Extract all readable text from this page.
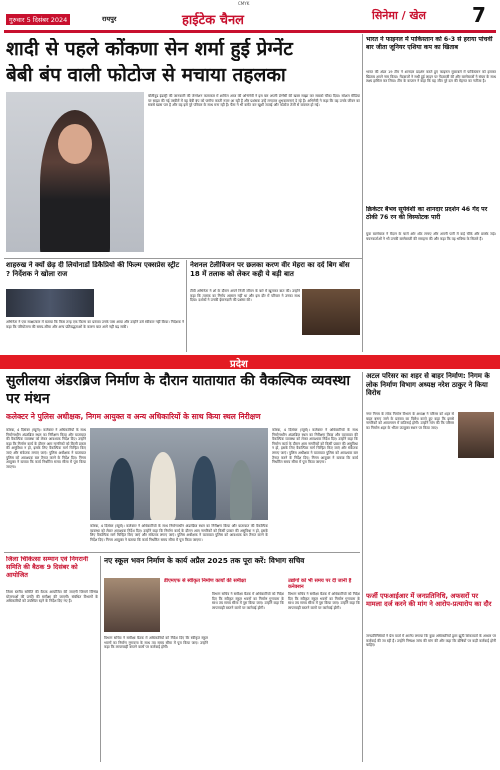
CMYK
गुरुवार 5 दिसंबर 2024	रायपुर	हाईटेक चैनल	सिनेमा / खेल 7
शादी से पहले कोंकणा सेन शर्मा हुई प्रेग्नेंट
बेबी बंप वाली फोटोज से मचाया तहलका
बॉलीवुड इंडस्ट्री की जानकारी की जेनरेशन कलाकार में शामिल आज की अभिनेत्री ने इस बार अपनी प्रेग्नेंसी की खबर साझा कर सबको चौंका दिया। सोशल मीडिया पर साझा की गई तस्वीरों में वह बेबी बंप को फ्लॉन्ट करती नजर आ रही हैं और प्रशंसक उन्हें लगातार शुभकामनाएं दे रहे हैं। अभिनेत्री ने कहा कि यह उनके जीवन का सबसे खास पल है और वह इसे पूरे परिवार के साथ मना रही हैं। फैंस ने भी कमेंट कर खुशी जताई और फोटोज तेजी से वायरल हो गईं।
भारत ने फाइनल में पाकिस्तान को 6-3 से हराया पांचवीं बार जीता जूनियर एशिया कप का खिताब
भारत की अंडर 19 टीम ने शानदार प्रदर्शन करते हुए फाइनल मुकाबले में पाकिस्तान को हराकर खिताब अपने नाम किया। गेंदबाजों ने सधी हुई लाइन पर गेंदबाजी की और बल्लेबाजों ने संयम के साथ लक्ष्य हासिल कर लिया। टीम के कप्तान ने कहा कि यह जीत पूरे दल की मेहनत का नतीजा है।
क्रिकेटर बैभव सूर्यवंशी का शानदार प्रदर्शन 46 गेंद पर ठोकी 76 रन की विस्फोटक पारी
युवा बल्लेबाज ने मैदान के चारों ओर शॉट लगाए और अपनी पारी में कई चौके और छक्के जड़े। चयनकर्ताओं ने भी उनकी बल्लेबाजी की सराहना की और कहा कि वह भविष्य के सितारे हैं।
शाहरुख ने क्यों छेड़ दी लियोनार्डो डिकैप्रियो की फिल्म एक्सप्रेस स्ट्रीट ? निर्देशक ने खोला राज
अभिनेता ने एक साक्षात्कार में बताया कि किस तरह एक फिल्म का प्रस्ताव उनके पास आया और उन्होंने उसे स्वीकार नहीं किया। निर्देशक ने कहा कि परियोजना की समय-सीमा और अन्य प्रतिबद्धताओं के कारण बात आगे नहीं बढ़ सकी।
नेशनल टेलीविजन पर छलका करण वीर मेहरा का दर्द बिग बॉस 18 में तलाक को लेकर कही ये बड़ी बात
टीवी अभिनेता ने शो के दौरान अपने निजी जीवन के बारे में खुलकर बात की। उन्होंने कहा कि तलाक का निर्णय आसान नहीं था और इस दौर में परिवार ने उनका साथ दिया। दर्शकों ने उनकी ईमानदारी की प्रशंसा की।
प्रदेश
सुलीलया अंडरब्रिज निर्माण के दौरान यातायात की वैकल्पिक व्यवस्था पर मंथन
कलेक्टर ने पुलिस अधीक्षक, निगम आयुक्त व अन्य अधिकारियों के साथ किया स्थल निरीक्षण
कोरबा, 4 दिसंबर (ब्यूरो)। कलेक्टर ने अधिकारियों के साथ निर्माणाधीन अंडरब्रिज स्थल का निरीक्षण किया और यातायात की वैकल्पिक व्यवस्था को लेकर आवश्यक निर्देश दिए। उन्होंने कहा कि निर्माण कार्य के दौरान आम नागरिकों को किसी प्रकार की असुविधा न हो, इसके लिए वैकल्पिक मार्ग चिन्हित किए जाएं और संकेतक लगाए जाएं। पुलिस अधीक्षक ने यातायात पुलिस को आवश्यक बल तैनात करने के निर्देश दिए। निगम आयुक्त ने बताया कि कार्य निर्धारित समय सीमा में पूरा किया जाएगा।
कोरबा, 4 दिसंबर (ब्यूरो)। कलेक्टर ने अधिकारियों के साथ निर्माणाधीन अंडरब्रिज स्थल का निरीक्षण किया और यातायात की वैकल्पिक व्यवस्था को लेकर आवश्यक निर्देश दिए। उन्होंने कहा कि निर्माण कार्य के दौरान आम नागरिकों को किसी प्रकार की असुविधा न हो, इसके लिए वैकल्पिक मार्ग चिन्हित किए जाएं और संकेतक लगाए जाएं। पुलिस अधीक्षक ने यातायात पुलिस को आवश्यक बल तैनात करने के निर्देश दिए। निगम आयुक्त ने बताया कि कार्य निर्धारित समय सीमा में पूरा किया जाएगा।
कोरबा, 4 दिसंबर (ब्यूरो)। कलेक्टर ने अधिकारियों के साथ निर्माणाधीन अंडरब्रिज स्थल का निरीक्षण किया और यातायात की वैकल्पिक व्यवस्था को लेकर आवश्यक निर्देश दिए। उन्होंने कहा कि निर्माण कार्य के दौरान आम नागरिकों को किसी प्रकार की असुविधा न हो, इसके लिए वैकल्पिक मार्ग चिन्हित किए जाएं और संकेतक लगाए जाएं। पुलिस अधीक्षक ने यातायात पुलिस को आवश्यक बल तैनात करने के निर्देश दिए। निगम आयुक्त ने बताया कि कार्य निर्धारित समय सीमा में पूरा किया जाएगा।
अटल परिसर का शहर से बाहर निर्माण: निगम के लोक निर्माण विभाग अध्यक्ष नरेश ठाकुर ने किया विरोध
नगर निगम के लोक निर्माण विभाग के अध्यक्ष ने परिसर को शहर से बाहर बनाए जाने के प्रस्ताव का विरोध करते हुए कहा कि इससे नागरिकों को आवागमन में कठिनाई होगी। उन्होंने मांग की कि परिसर का निर्माण शहर के भीतर उपयुक्त स्थान पर किया जाए।
जिला चिकित्सा सम्मान एवं निगरानी समिति की बैठक 9 दिसंबर को आयोजित
जिला स्तरीय समिति की बैठक आयोजित की जाएगी जिसमें विभिन्न योजनाओं की प्रगति की समीक्षा की जाएगी। संबंधित विभागों के अधिकारियों को उपस्थित रहने के निर्देश दिए गए हैं।
नए स्कूल भवन निर्माण के कार्य अप्रैल 2025 तक पूरा करें: विभाग सचिव
डीएमएफ से स्वीकृत निर्माण कार्यों की समीक्षा
विभाग सचिव ने समीक्षा बैठक में अधिकारियों को निर्देश दिए कि स्वीकृत स्कूल भवनों का निर्माण गुणवत्ता के साथ तय समय सीमा में पूरा किया जाए। उन्होंने कहा कि लापरवाही बरतने वालों पर कार्रवाई होगी।
विभाग सचिव ने समीक्षा बैठक में अधिकारियों को निर्देश दिए कि स्वीकृत स्कूल भवनों का निर्माण गुणवत्ता के साथ तय समय सीमा में पूरा किया जाए। उन्होंने कहा कि लापरवाही बरतने वालों पर कार्रवाई होगी।
उद्योगों को भी समय पर दी जानी है कनेक्शन
विभाग सचिव ने समीक्षा बैठक में अधिकारियों को निर्देश दिए कि स्वीकृत स्कूल भवनों का निर्माण गुणवत्ता के साथ तय समय सीमा में पूरा किया जाए। उन्होंने कहा कि लापरवाही बरतने वालों पर कार्रवाई होगी।
फर्जी एफआईआर में जनप्रतिनिधि, अफसरों पर मामला दर्ज करने की मांग ने आरोप-प्रत्यारोप का दौर
जनप्रतिनिधियों ने प्रेस वार्ता में आरोप लगाया कि कुछ अधिकारियों द्वारा झूठी शिकायतों के आधार पर कार्रवाई की जा रही है। उन्होंने निष्पक्ष जांच की मांग की और कहा कि दोषियों पर कड़ी कार्रवाई होनी चाहिए।
